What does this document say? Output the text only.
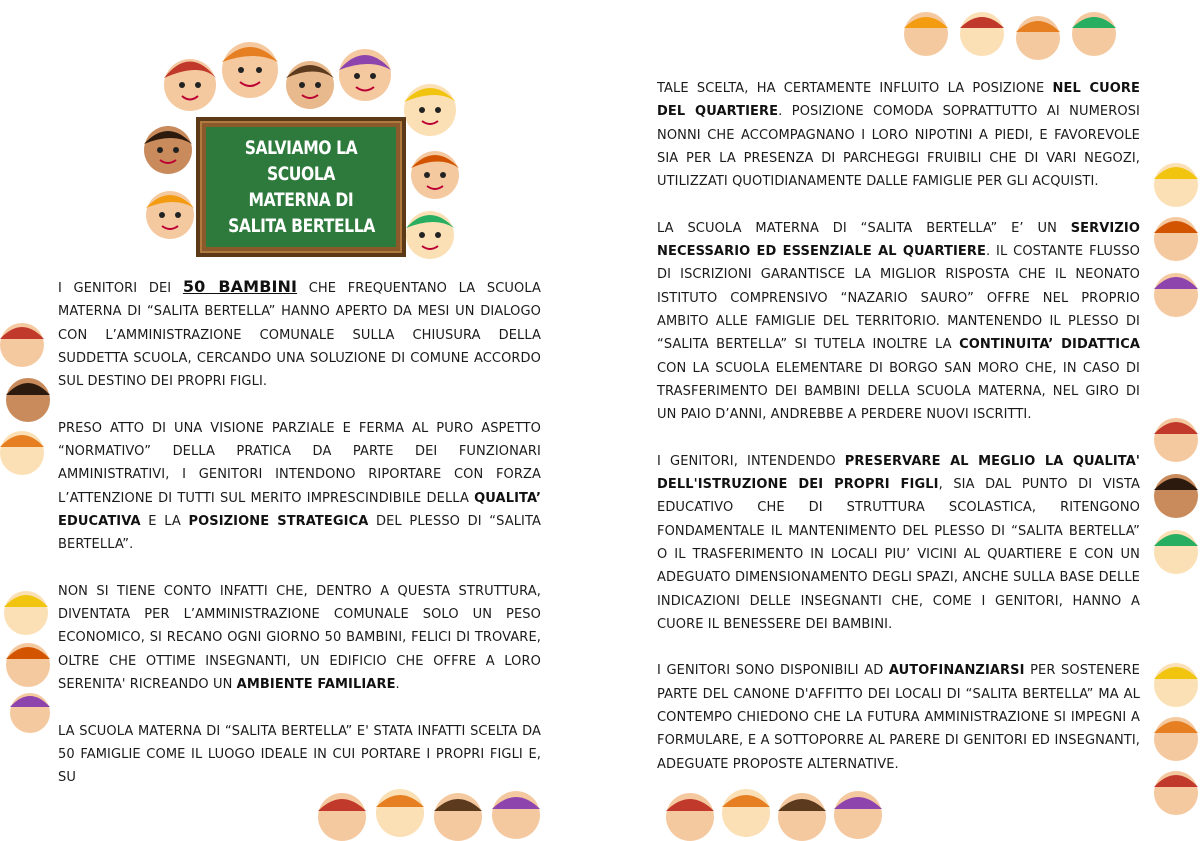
SALVIAMO LA SCUOLA
MATERNA DI
SALITA BERTELLA

I GENITORI DEI 50 BAMBINI CHE FREQUENTANO LA SCUOLA MATERNA DI “SALITA BERTELLA” HANNO APERTO DA MESI UN DIALOGO CON L’AMMINISTRAZIONE COMUNALE SULLA CHIUSURA DELLA SUDDETTA SCUOLA, CERCANDO UNA SOLUZIONE DI COMUNE ACCORDO SUL DESTINO DEI PROPRI FIGLI.

PRESO ATTO DI UNA VISIONE PARZIALE E FERMA AL PURO ASPETTO “NORMATIVO” DELLA PRATICA DA PARTE DEI FUNZIONARI AMMINISTRATIVI, I GENITORI INTENDONO RIPORTARE CON FORZA L’ATTENZIONE DI TUTTI SUL MERITO IMPRESCINDIBILE DELLA QUALITA’ EDUCATIVA E LA POSIZIONE STRATEGICA DEL PLESSO DI “SALITA BERTELLA”.

NON SI TIENE CONTO INFATTI CHE, DENTRO A QUESTA STRUTTURA, DIVENTATA PER L’AMMINISTRAZIONE COMUNALE SOLO UN PESO ECONOMICO, SI RECANO OGNI GIORNO 50 BAMBINI, FELICI DI TROVARE, OLTRE CHE OTTIME INSEGNANTI, UN EDIFICIO CHE OFFRE A LORO SERENITA' RICREANDO UN AMBIENTE FAMILIARE.

LA SCUOLA MATERNA DI “SALITA BERTELLA” E' STATA INFATTI SCELTA DA 50 FAMIGLIE COME IL LUOGO IDEALE IN CUI PORTARE I PROPRI FIGLI E, SU

TALE SCELTA, HA CERTAMENTE INFLUITO LA POSIZIONE NEL CUORE DEL QUARTIERE. POSIZIONE COMODA SOPRATTUTTO AI NUMEROSI NONNI CHE ACCOMPAGNANO I LORO NIPOTINI A PIEDI, E FAVOREVOLE SIA PER LA PRESENZA DI PARCHEGGI FRUIBILI CHE DI VARI NEGOZI, UTILIZZATI QUOTIDIANAMENTE DALLE FAMIGLIE PER GLI ACQUISTI.

LA SCUOLA MATERNA DI “SALITA BERTELLA” E’ UN SERVIZIO NECESSARIO ED ESSENZIALE AL QUARTIERE. IL COSTANTE FLUSSO DI ISCRIZIONI GARANTISCE LA MIGLIOR RISPOSTA CHE IL NEONATO ISTITUTO COMPRENSIVO “NAZARIO SAURO” OFFRE NEL PROPRIO AMBITO ALLE FAMIGLIE DEL TERRITORIO. MANTENENDO IL PLESSO DI “SALITA BERTELLA” SI TUTELA INOLTRE LA CONTINUITA’ DIDATTICA CON LA SCUOLA ELEMENTARE DI BORGO SAN MORO CHE, IN CASO DI TRASFERIMENTO DEI BAMBINI DELLA SCUOLA MATERNA, NEL GIRO DI UN PAIO D’ANNI, ANDREBBE A PERDERE NUOVI ISCRITTI.

I GENITORI, INTENDENDO PRESERVARE AL MEGLIO LA QUALITA' DELL'ISTRUZIONE DEI PROPRI FIGLI, SIA DAL PUNTO DI VISTA EDUCATIVO CHE DI STRUTTURA SCOLASTICA, RITENGONO FONDAMENTALE IL MANTENIMENTO DEL PLESSO DI “SALITA BERTELLA” O IL TRASFERIMENTO IN LOCALI PIU’ VICINI AL QUARTIERE E CON UN ADEGUATO DIMENSIONAMENTO DEGLI SPAZI, ANCHE SULLA BASE DELLE INDICAZIONI DELLE INSEGNANTI CHE, COME I GENITORI, HANNO A CUORE IL BENESSERE DEI BAMBINI.

I GENITORI SONO DISPONIBILI AD AUTOFINANZIARSI PER SOSTENERE PARTE DEL CANONE D'AFFITTO DEI LOCALI DI “SALITA BERTELLA” MA AL CONTEMPO CHIEDONO CHE LA FUTURA AMMINISTRAZIONE SI IMPEGNI A FORMULARE, E A SOTTOPORRE AL PARERE DI GENITORI ED INSEGNANTI, ADEGUATE PROPOSTE ALTERNATIVE.
